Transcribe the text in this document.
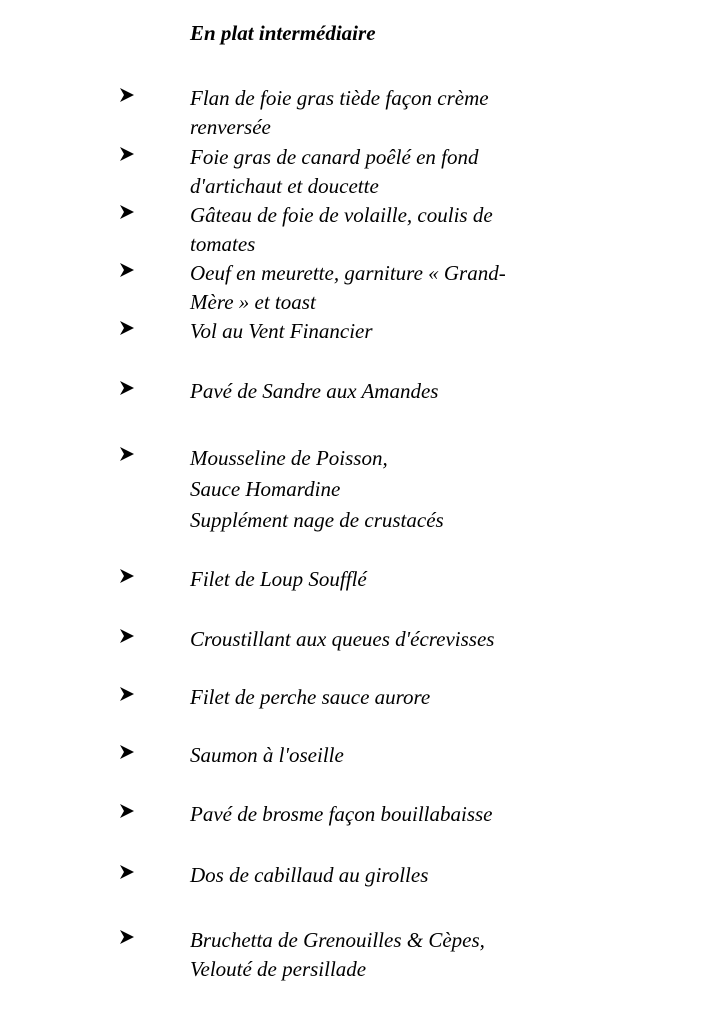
En plat intermédiaire
Flan de foie gras tiède façon crème
renversée
Foie gras de canard poêlé en fond
d'artichaut et doucette
Gâteau de foie de volaille, coulis de
tomates
Oeuf en meurette, garniture « Grand-
Mère » et toast
Vol au Vent Financier
Pavé de Sandre aux Amandes
Mousseline de Poisson,
Sauce Homardine
Supplément nage de crustacés
Filet de Loup Soufflé
Croustillant aux queues d'écrevisses
Filet de perche sauce aurore
Saumon à l'oseille
Pavé de brosme façon bouillabaisse
Dos de cabillaud au girolles
Bruchetta de Grenouilles & Cèpes,
Velouté de persillade
